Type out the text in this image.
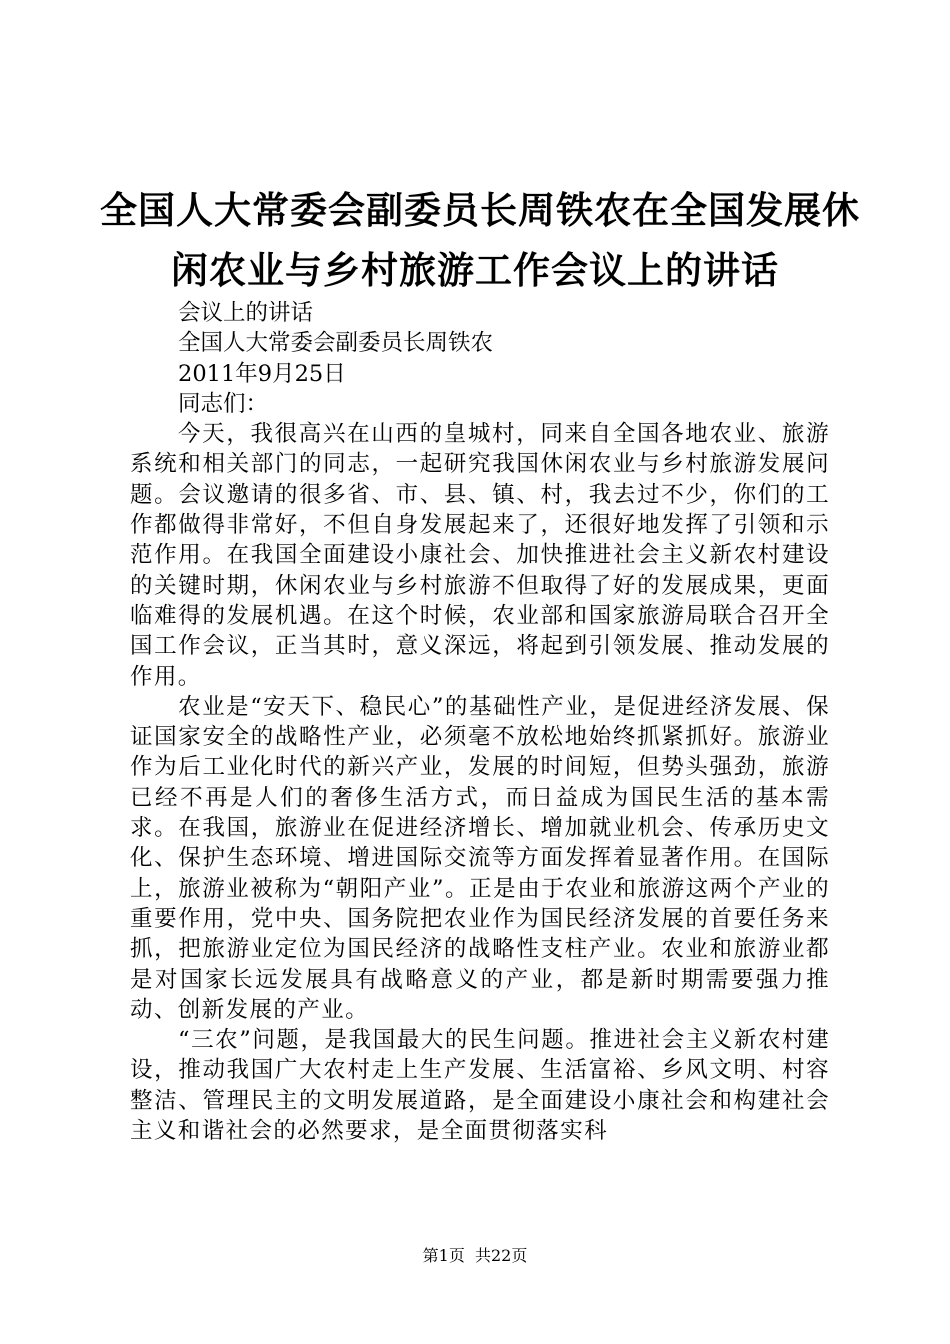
全国人大常委会副委员长周铁农在全国发展休
闲农业与乡村旅游工作会议上的讲话
会议上的讲话
全国人大常委会副委员长周铁农
2011年9月25日
同志们：

今天，我很高兴在山西的皇城村，同来自全国各地农业、旅游系统和相关部门的同志，一起研究我国休闲农业与乡村旅游发展问题。会议邀请的很多省、市、县、镇、村，我去过不少，你们的工作都做得非常好，不但自身发展起来了，还很好地发挥了引领和示范作用。在我国全面建设小康社会、加快推进社会主义新农村建设的关键时期，休闲农业与乡村旅游不但取得了好的发展成果，更面临难得的发展机遇。在这个时候，农业部和国家旅游局联合召开全国工作会议，正当其时，意义深远，将起到引领发展、推动发展的作用。

农业是“安天下、稳民心”的基础性产业，是促进经济发展、保证国家安全的战略性产业，必须毫不放松地始终抓紧抓好。旅游业作为后工业化时代的新兴产业，发展的时间短，但势头强劲，旅游已经不再是人们的奢侈生活方式，而日益成为国民生活的基本需求。在我国，旅游业在促进经济增长、增加就业机会、传承历史文化、保护生态环境、增进国际交流等方面发挥着显著作用。在国际上，旅游业被称为“朝阳产业”。正是由于农业和旅游这两个产业的重要作用，党中央、国务院把农业作为国民经济发展的首要任务来抓，把旅游业定位为国民经济的战略性支柱产业。农业和旅游业都是对国家长远发展具有战略意义的产业，都是新时期需要强力推动、创新发展的产业。

“三农”问题，是我国最大的民生问题。推进社会主义新农村建设，推动我国广大农村走上生产发展、生活富裕、乡风文明、村容整洁、管理民主的文明发展道路，是全面建设小康社会和构建社会主义和谐社会的必然要求，是全面贯彻落实科

第1页  共22页
